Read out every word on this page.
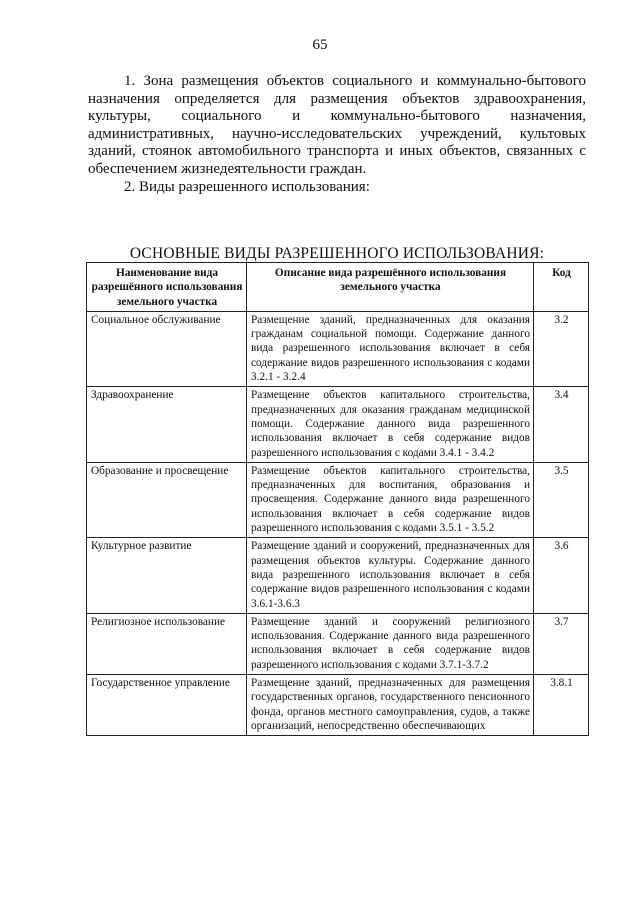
65

1. Зона размещения объектов социального и коммунально-бытового назначения определяется для размещения объектов здравоохранения, культуры, социального и коммунально-бытового назначения, административных, научно-исследовательских учреждений, культовых зданий, стоянок автомобильного транспорта и иных объектов, связанных с обеспечением жизнедеятельности граждан.

2. Виды разрешенного использования:

ОСНОВНЫЕ ВИДЫ РАЗРЕШЕННОГО ИСПОЛЬЗОВАНИЯ:
Наименование вида разрешённого использования земельного участка	Описание вида разрешённого использования земельного участка	Код
Социальное обслуживание	Размещение зданий, предназначенных для оказания гражданам социальной помощи. Содержание данного вида разрешенного использования включает в себя содержание видов разрешенного использования с кодами 3.2.1 - 3.2.4	3.2
Здравоохранение	Размещение объектов капитального строительства, предназначенных для оказания гражданам медицинской помощи. Содержание данного вида разрешенного использования включает в себя содержание видов разрешенного использования с кодами 3.4.1 - 3.4.2	3.4
Образование и просвещение	Размещение объектов капитального строительства, предназначенных для воспитания, образования и просвещения. Содержание данного вида разрешенного использования включает в себя содержание видов разрешенного использования с кодами 3.5.1 - 3.5.2	3.5
Культурное развитие	Размещение зданий и сооружений, предназначенных для размещения объектов культуры. Содержание данного вида разрешенного использования включает в себя содержание видов разрешенного использования с кодами 3.6.1-3.6.3	3.6
Религиозное использование	Размещение зданий и сооружений религиозного использования. Содержание данного вида разрешенного использования включает в себя содержание видов разрешенного использования с кодами 3.7.1-3.7.2	3.7
Государственное управление	Размещение зданий, предназначенных для размещения государственных органов, государственного пенсионного фонда, органов местного самоуправления, судов, а также организаций, непосредственно обеспечивающих	3.8.1
